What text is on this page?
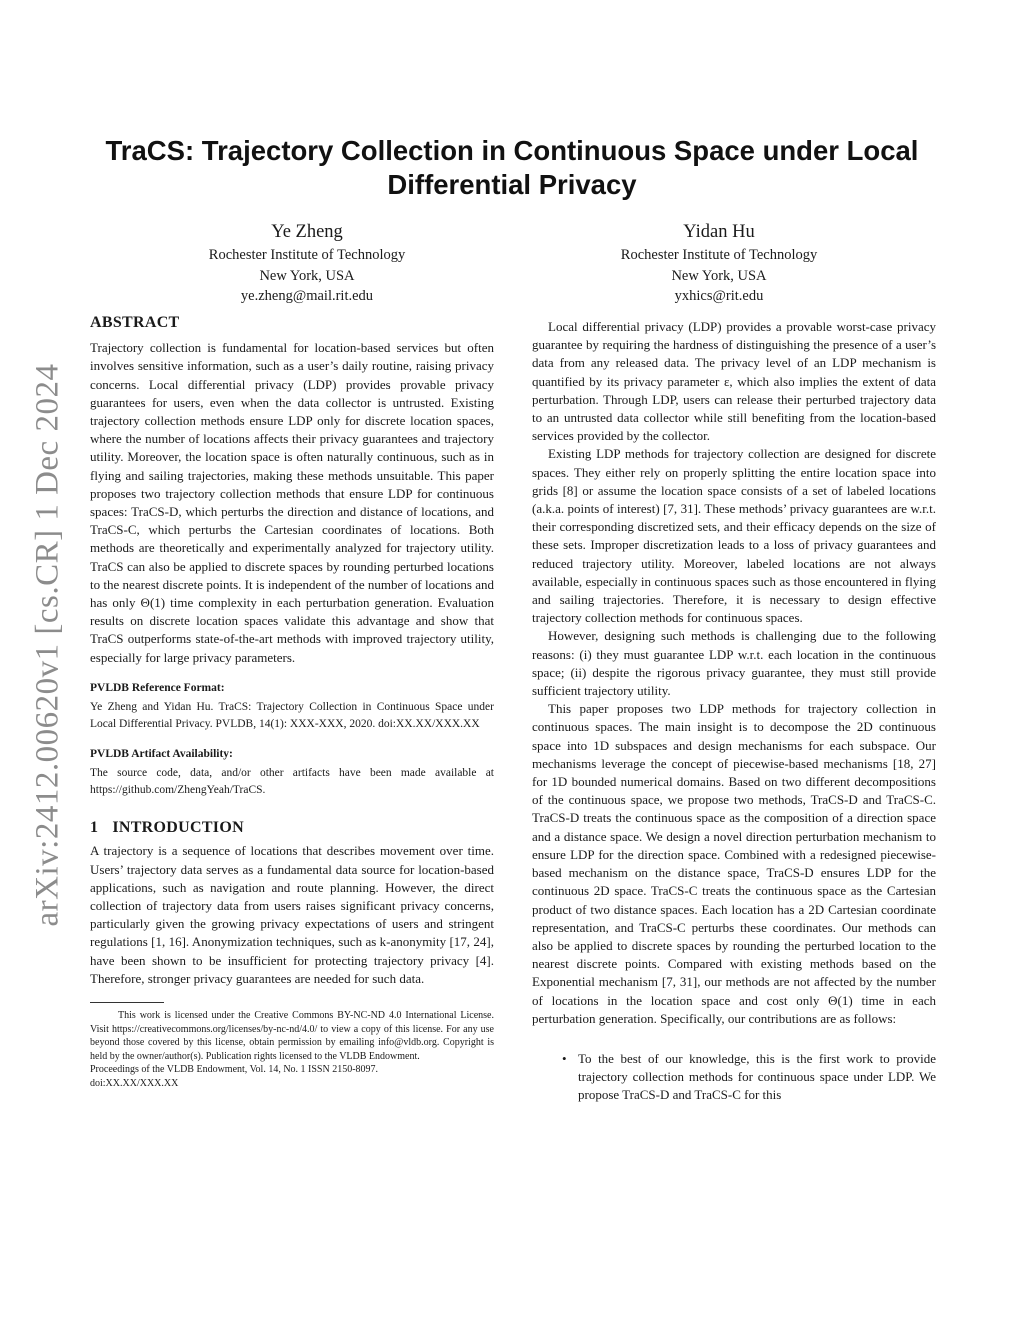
arXiv:2412.00620v1 [cs.CR] 1 Dec 2024
TraCS: Trajectory Collection in Continuous Space under Local Differential Privacy
Ye Zheng
Rochester Institute of Technology
New York, USA
ye.zheng@mail.rit.edu
Yidan Hu
Rochester Institute of Technology
New York, USA
yxhics@rit.edu
ABSTRACT

Trajectory collection is fundamental for location-based services but often involves sensitive information, such as a user’s daily routine, raising privacy concerns. Local differential privacy (LDP) provides provable privacy guarantees for users, even when the data collector is untrusted. Existing trajectory collection methods ensure LDP only for discrete location spaces, where the number of locations affects their privacy guarantees and trajectory utility. Moreover, the location space is often naturally continuous, such as in flying and sailing trajectories, making these methods unsuitable. This paper proposes two trajectory collection methods that ensure LDP for continuous spaces: TraCS-D, which perturbs the direction and distance of locations, and TraCS-C, which perturbs the Cartesian coordinates of locations. Both methods are theoretically and experimentally analyzed for trajectory utility. TraCS can also be applied to discrete spaces by rounding perturbed locations to the nearest discrete points. It is independent of the number of locations and has only Θ(1) time complexity in each perturbation generation. Evaluation results on discrete location spaces validate this advantage and show that TraCS outperforms state-of-the-art methods with improved trajectory utility, especially for large privacy parameters.

PVLDB Reference Format:

Ye Zheng and Yidan Hu. TraCS: Trajectory Collection in Continuous Space under Local Differential Privacy. PVLDB, 14(1): XXX-XXX, 2020. doi:XX.XX/XXX.XX

PVLDB Artifact Availability:

The source code, data, and/or other artifacts have been made available at https://github.com/ZhengYeah/TraCS.

1 INTRODUCTION

A trajectory is a sequence of locations that describes movement over time. Users’ trajectory data serves as a fundamental data source for location-based applications, such as navigation and route planning. However, the direct collection of trajectory data from users raises significant privacy concerns, particularly given the growing privacy expectations of users and stringent regulations [1, 16]. Anonymization techniques, such as k-anonymity [17, 24], have been shown to be insufficient for protecting trajectory privacy [4]. Therefore, stronger privacy guarantees are needed for such data.

This work is licensed under the Creative Commons BY-NC-ND 4.0 International License. Visit https://creativecommons.org/licenses/by-nc-nd/4.0/ to view a copy of this license. For any use beyond those covered by this license, obtain permission by emailing info@vldb.org. Copyright is held by the owner/author(s). Publication rights licensed to the VLDB Endowment.

Proceedings of the VLDB Endowment, Vol. 14, No. 1 ISSN 2150-8097.

doi:XX.XX/XXX.XX

Local differential privacy (LDP) provides a provable worst-case privacy guarantee by requiring the hardness of distinguishing the presence of a user’s data from any released data. The privacy level of an LDP mechanism is quantified by its privacy parameter ε, which also implies the extent of data perturbation. Through LDP, users can release their perturbed trajectory data to an untrusted data collector while still benefiting from the location-based services provided by the collector.

Existing LDP methods for trajectory collection are designed for discrete spaces. They either rely on properly splitting the entire location space into grids [8] or assume the location space consists of a set of labeled locations (a.k.a. points of interest) [7, 31]. These methods’ privacy guarantees are w.r.t. their corresponding discretized sets, and their efficacy depends on the size of these sets. Improper discretization leads to a loss of privacy guarantees and reduced trajectory utility. Moreover, labeled locations are not always available, especially in continuous spaces such as those encountered in flying and sailing trajectories. Therefore, it is necessary to design effective trajectory collection methods for continuous spaces.

However, designing such methods is challenging due to the following reasons: (i) they must guarantee LDP w.r.t. each location in the continuous space; (ii) despite the rigorous privacy guarantee, they must still provide sufficient trajectory utility.

This paper proposes two LDP methods for trajectory collection in continuous spaces. The main insight is to decompose the 2D continuous space into 1D subspaces and design mechanisms for each subspace. Our mechanisms leverage the concept of piecewise-based mechanisms [18, 27] for 1D bounded numerical domains. Based on two different decompositions of the continuous space, we propose two methods, TraCS-D and TraCS-C. TraCS-D treats the continuous space as the composition of a direction space and a distance space. We design a novel direction perturbation mechanism to ensure LDP for the direction space. Combined with a redesigned piecewise-based mechanism on the distance space, TraCS-D ensures LDP for the continuous 2D space. TraCS-C treats the continuous space as the Cartesian product of two distance spaces. Each location has a 2D Cartesian coordinate representation, and TraCS-C perturbs these coordinates. Our methods can also be applied to discrete spaces by rounding the perturbed location to the nearest discrete points. Compared with existing methods based on the Exponential mechanism [7, 31], our methods are not affected by the number of locations in the location space and cost only Θ(1) time in each perturbation generation. Specifically, our contributions are as follows:

• To the best of our knowledge, this is the first work to provide trajectory collection methods for continuous space under LDP. We propose TraCS-D and TraCS-C for this
